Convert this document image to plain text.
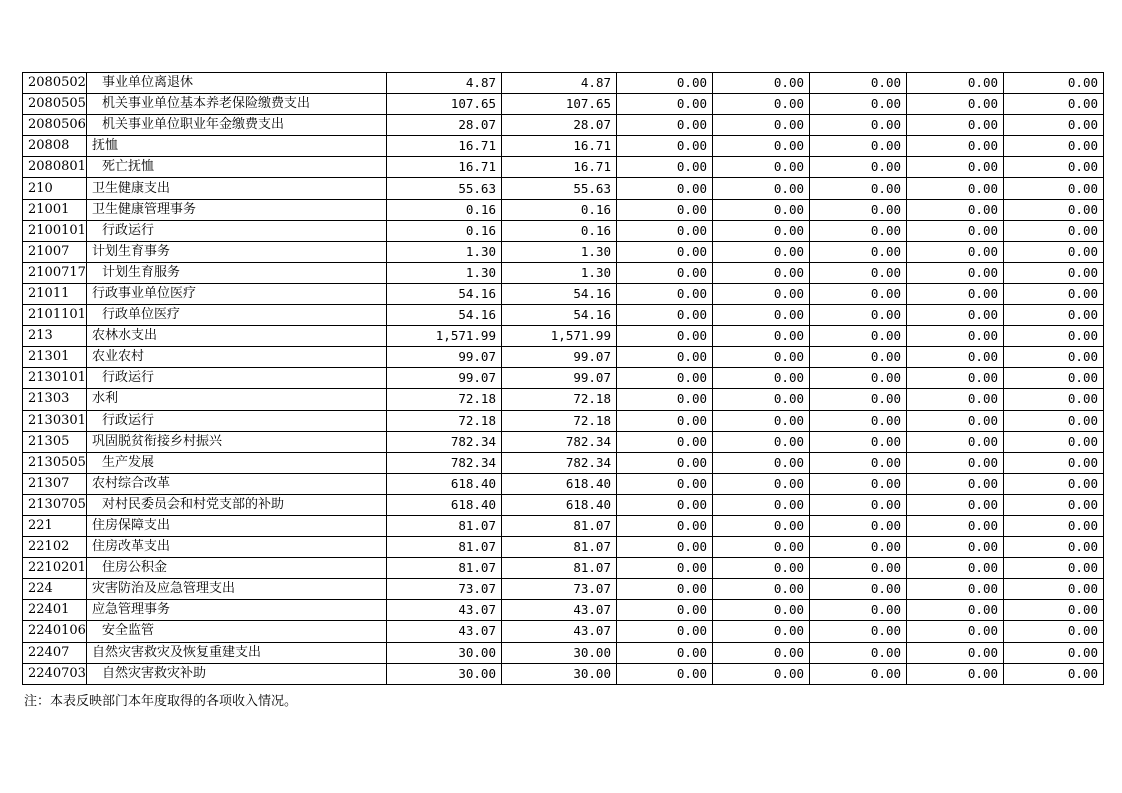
2080502	事业单位离退休	4.87	4.87	0.00	0.00	0.00	0.00	0.00
2080505	机关事业单位基本养老保险缴费支出	107.65	107.65	0.00	0.00	0.00	0.00	0.00
2080506	机关事业单位职业年金缴费支出	28.07	28.07	0.00	0.00	0.00	0.00	0.00
20808	抚恤	16.71	16.71	0.00	0.00	0.00	0.00	0.00
2080801	死亡抚恤	16.71	16.71	0.00	0.00	0.00	0.00	0.00
210	卫生健康支出	55.63	55.63	0.00	0.00	0.00	0.00	0.00
21001	卫生健康管理事务	0.16	0.16	0.00	0.00	0.00	0.00	0.00
2100101	行政运行	0.16	0.16	0.00	0.00	0.00	0.00	0.00
21007	计划生育事务	1.30	1.30	0.00	0.00	0.00	0.00	0.00
2100717	计划生育服务	1.30	1.30	0.00	0.00	0.00	0.00	0.00
21011	行政事业单位医疗	54.16	54.16	0.00	0.00	0.00	0.00	0.00
2101101	行政单位医疗	54.16	54.16	0.00	0.00	0.00	0.00	0.00
213	农林水支出	1,571.99	1,571.99	0.00	0.00	0.00	0.00	0.00
21301	农业农村	99.07	99.07	0.00	0.00	0.00	0.00	0.00
2130101	行政运行	99.07	99.07	0.00	0.00	0.00	0.00	0.00
21303	水利	72.18	72.18	0.00	0.00	0.00	0.00	0.00
2130301	行政运行	72.18	72.18	0.00	0.00	0.00	0.00	0.00
21305	巩固脱贫衔接乡村振兴	782.34	782.34	0.00	0.00	0.00	0.00	0.00
2130505	生产发展	782.34	782.34	0.00	0.00	0.00	0.00	0.00
21307	农村综合改革	618.40	618.40	0.00	0.00	0.00	0.00	0.00
2130705	对村民委员会和村党支部的补助	618.40	618.40	0.00	0.00	0.00	0.00	0.00
221	住房保障支出	81.07	81.07	0.00	0.00	0.00	0.00	0.00
22102	住房改革支出	81.07	81.07	0.00	0.00	0.00	0.00	0.00
2210201	住房公积金	81.07	81.07	0.00	0.00	0.00	0.00	0.00
224	灾害防治及应急管理支出	73.07	73.07	0.00	0.00	0.00	0.00	0.00
22401	应急管理事务	43.07	43.07	0.00	0.00	0.00	0.00	0.00
2240106	安全监管	43.07	43.07	0.00	0.00	0.00	0.00	0.00
22407	自然灾害救灾及恢复重建支出	30.00	30.00	0.00	0.00	0.00	0.00	0.00
2240703	自然灾害救灾补助	30.00	30.00	0.00	0.00	0.00	0.00	0.00
注：本表反映部门本年度取得的各项收入情况。
